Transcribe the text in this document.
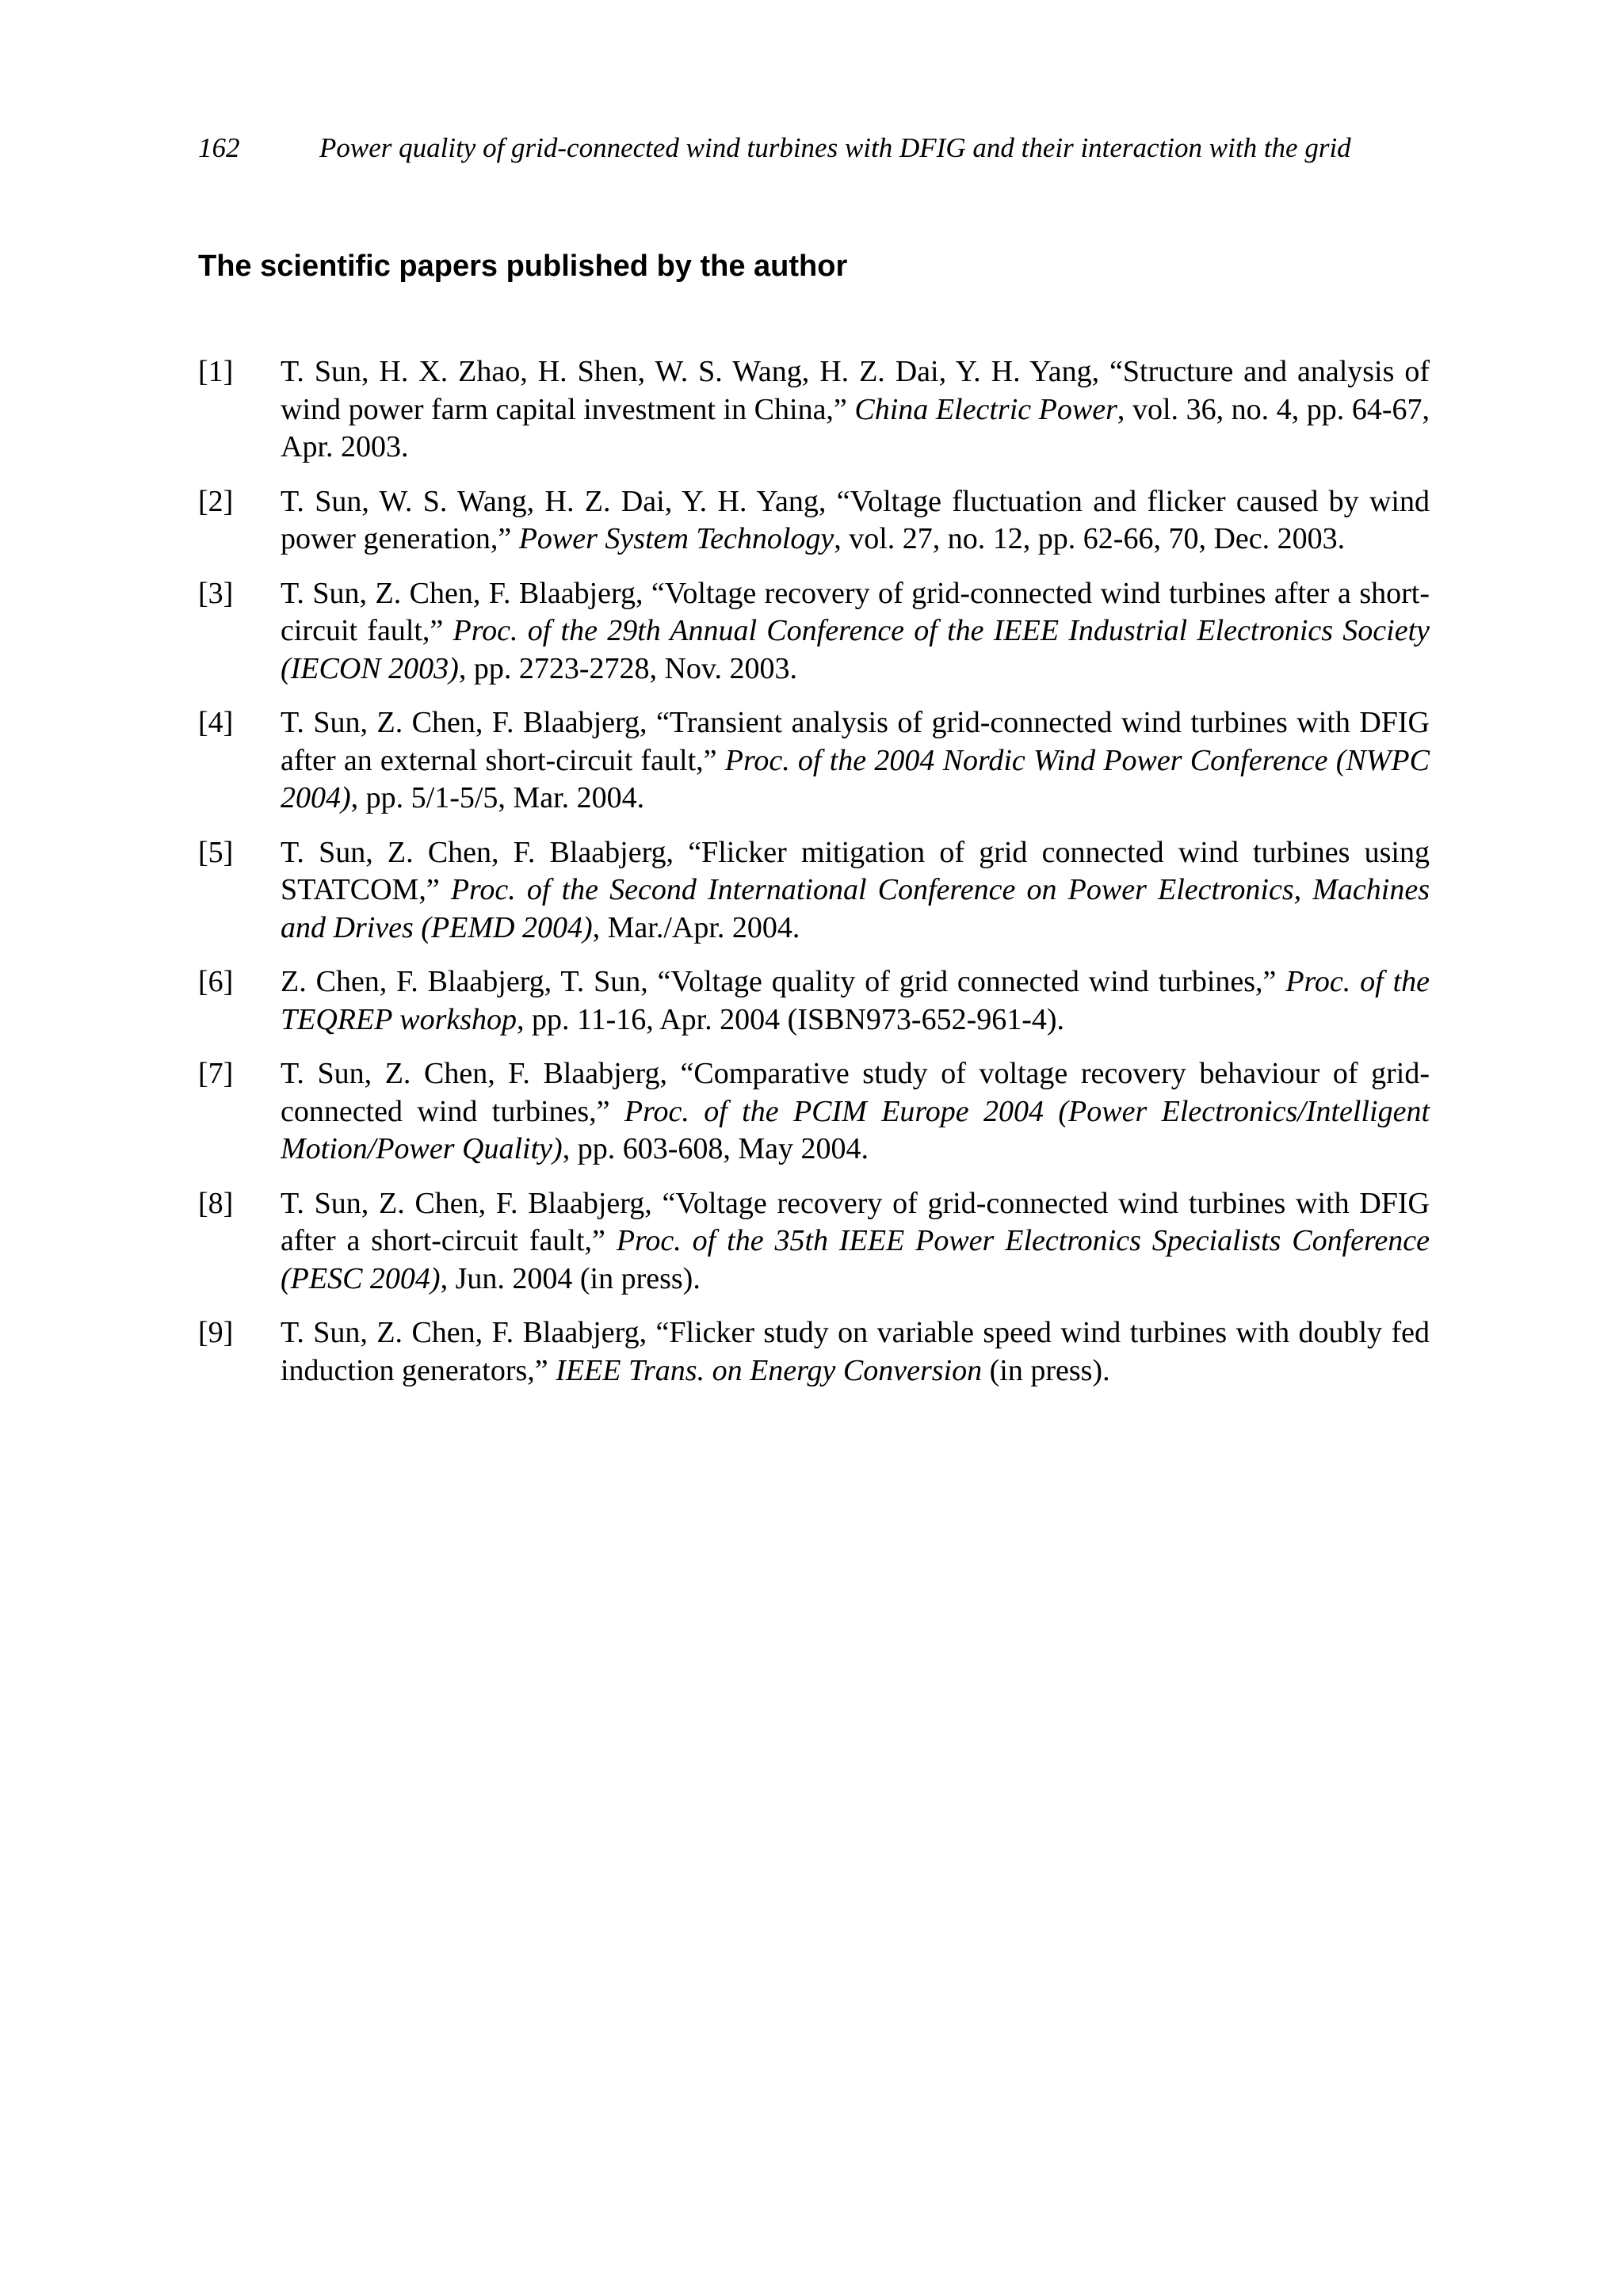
162	Power quality of grid-connected wind turbines with DFIG and their interaction with the grid
The scientific papers published by the author
[1] T. Sun, H. X. Zhao, H. Shen, W. S. Wang, H. Z. Dai, Y. H. Yang, “Structure and analysis of wind power farm capital investment in China,” China Electric Power, vol. 36, no. 4, pp. 64-67, Apr. 2003.
[2] T. Sun, W. S. Wang, H. Z. Dai, Y. H. Yang, “Voltage fluctuation and flicker caused by wind power generation,” Power System Technology, vol. 27, no. 12, pp. 62-66, 70, Dec. 2003.
[3] T. Sun, Z. Chen, F. Blaabjerg, “Voltage recovery of grid-connected wind turbines after a short-circuit fault,” Proc. of the 29th Annual Conference of the IEEE Industrial Electronics Society (IECON 2003), pp. 2723-2728, Nov. 2003.
[4] T. Sun, Z. Chen, F. Blaabjerg, “Transient analysis of grid-connected wind turbines with DFIG after an external short-circuit fault,” Proc. of the 2004 Nordic Wind Power Conference (NWPC 2004), pp. 5/1-5/5, Mar. 2004.
[5] T. Sun, Z. Chen, F. Blaabjerg, “Flicker mitigation of grid connected wind turbines using STATCOM,” Proc. of the Second International Conference on Power Electronics, Machines and Drives (PEMD 2004), Mar./Apr. 2004.
[6] Z. Chen, F. Blaabjerg, T. Sun, “Voltage quality of grid connected wind turbines,” Proc. of the TEQREP workshop, pp. 11-16, Apr. 2004 (ISBN973-652-961-4).
[7] T. Sun, Z. Chen, F. Blaabjerg, “Comparative study of voltage recovery behaviour of grid-connected wind turbines,” Proc. of the PCIM Europe 2004 (Power Electronics/Intelligent Motion/Power Quality), pp. 603-608, May 2004.
[8] T. Sun, Z. Chen, F. Blaabjerg, “Voltage recovery of grid-connected wind turbines with DFIG after a short-circuit fault,” Proc. of the 35th IEEE Power Electronics Specialists Conference (PESC 2004), Jun. 2004 (in press).
[9] T. Sun, Z. Chen, F. Blaabjerg, “Flicker study on variable speed wind turbines with doubly fed induction generators,” IEEE Trans. on Energy Conversion (in press).
